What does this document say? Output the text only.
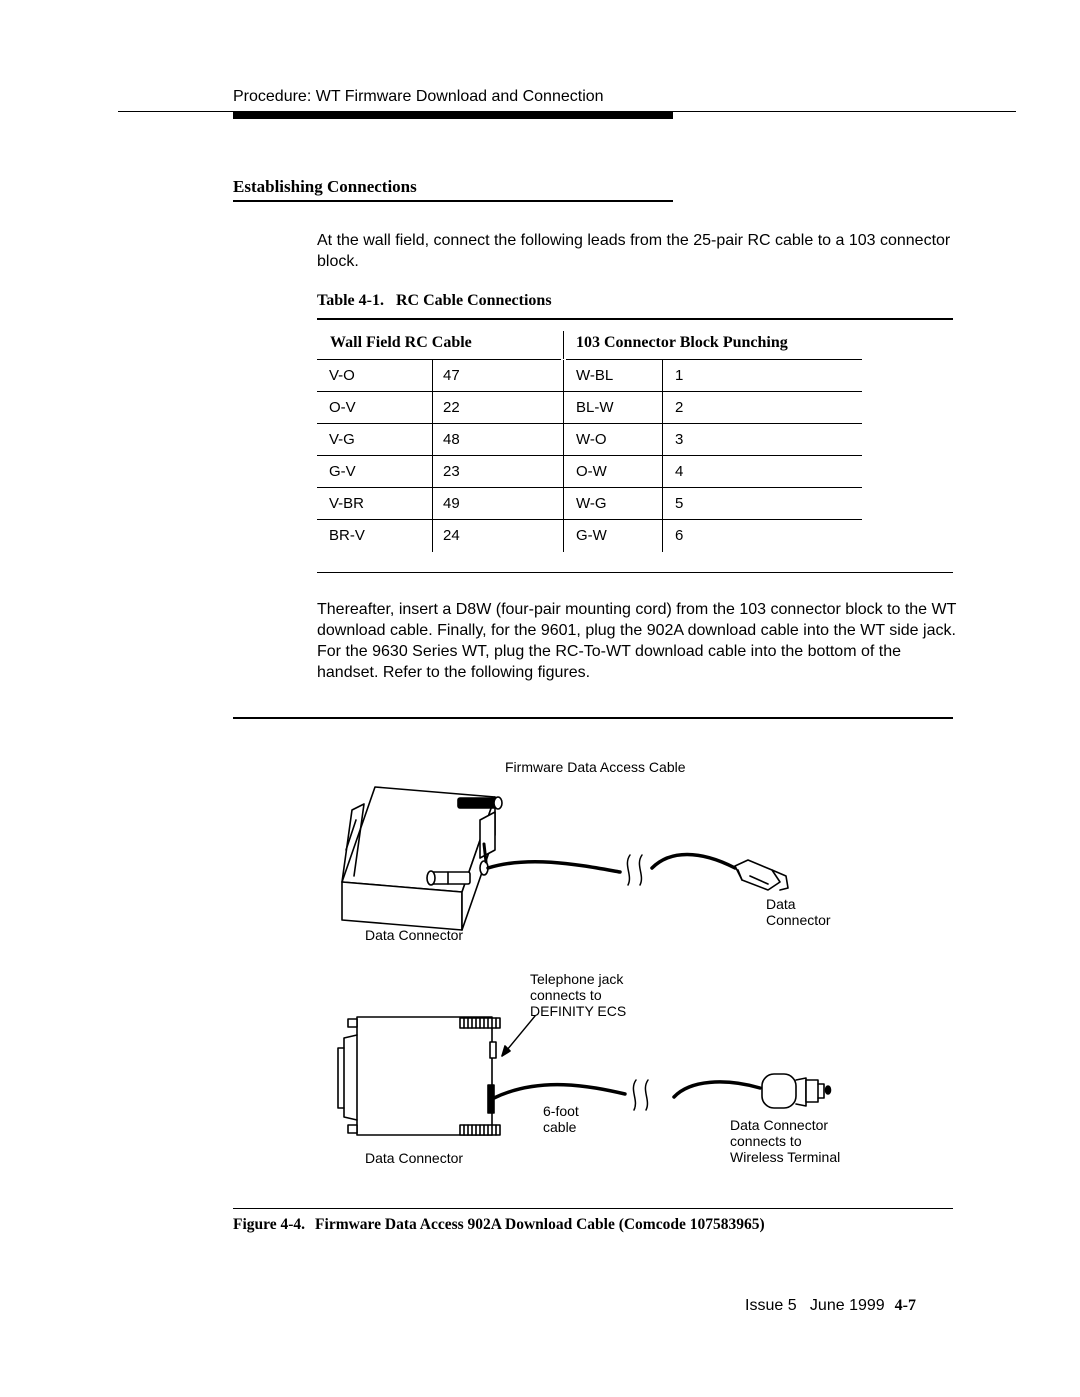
Procedure: WT Firmware Download and Connection
Establishing Connections
At the wall field, connect the following leads from the 25-pair RC cable to a 103 connector block.
Table 4-1. RC Cable Connections
Wall Field RC Cable	103 Connector Block Punching
V-O	47	W-BL	1
O-V	22	BL-W	2
V-G	48	W-O	3
G-V	23	O-W	4
V-BR	49	W-G	5
BR-V	24	G-W	6
Thereafter, insert a D8W (four-pair mounting cord) from the 103 connector block to the WT download cable. Finally, for the 9601, plug the 902A download cable into the WT side jack. For the 9630 Series WT, plug the RC-To-WT download cable into the bottom of the handset. Refer to the following figures.
Firmware Data Access Cable
Data
Connector
Data Connector
Telephone jack
connects to
DEFINITY ECS
6-foot
cable	Data Connector
connects to
Wireless Terminal
Data Connector
Figure 4-4. Firmware Data Access 902A Download Cable (Comcode 107583965)
Issue 5   June 1999 4-7
